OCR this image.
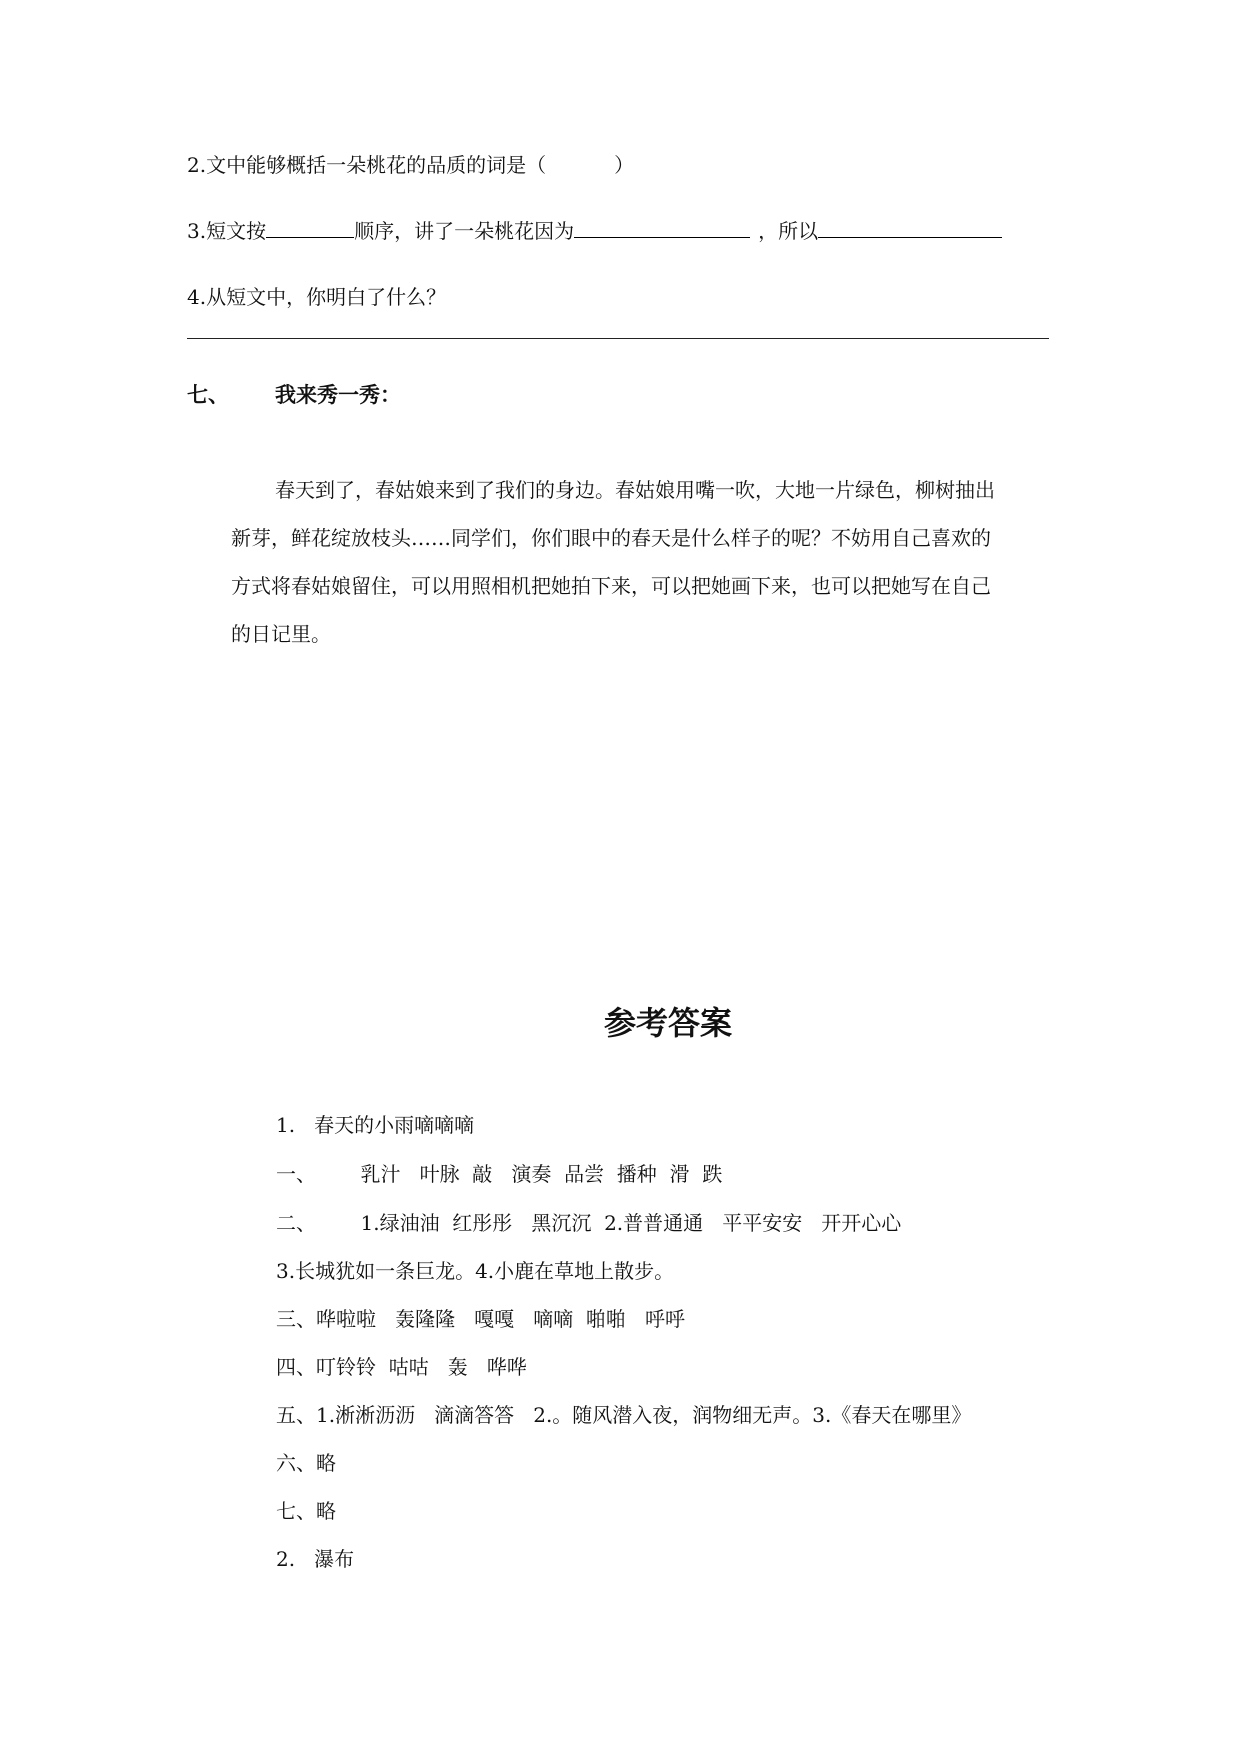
2.文中能够概括一朵桃花的品质的词是（	）
3.短文按	顺序，讲了一朵桃花因为	，所以
4.从短文中，你明白了什么？
七、 我来秀一秀：
春天到了，春姑娘来到了我们的身边。春姑娘用嘴一吹，大地一片绿色，柳树抽出
新芽，鲜花绽放枝头……同学们，你们眼中的春天是什么样子的呢？不妨用自己喜欢的
方式将春姑娘留住，可以用照相机把她拍下来，可以把她画下来，也可以把她写在自己
的日记里。
参考答案
1.   春天的小雨嘀嘀嘀
一、       乳汁   叶脉  敲   演奏  品尝  播种  滑  跌
二、       1.绿油油  红彤彤   黑沉沉  2.普普通通   平平安安   开开心心
3.长城犹如一条巨龙。4.小鹿在草地上散步。
三、哗啦啦   轰隆隆   嘎嘎   嘀嘀  啪啪   呼呼
四、叮铃铃  咕咕   轰   哗哗
五、1.淅淅沥沥   滴滴答答   2.。随风潜入夜，润物细无声。3.《春天在哪里》
六、略
七、略
2.   瀑布
